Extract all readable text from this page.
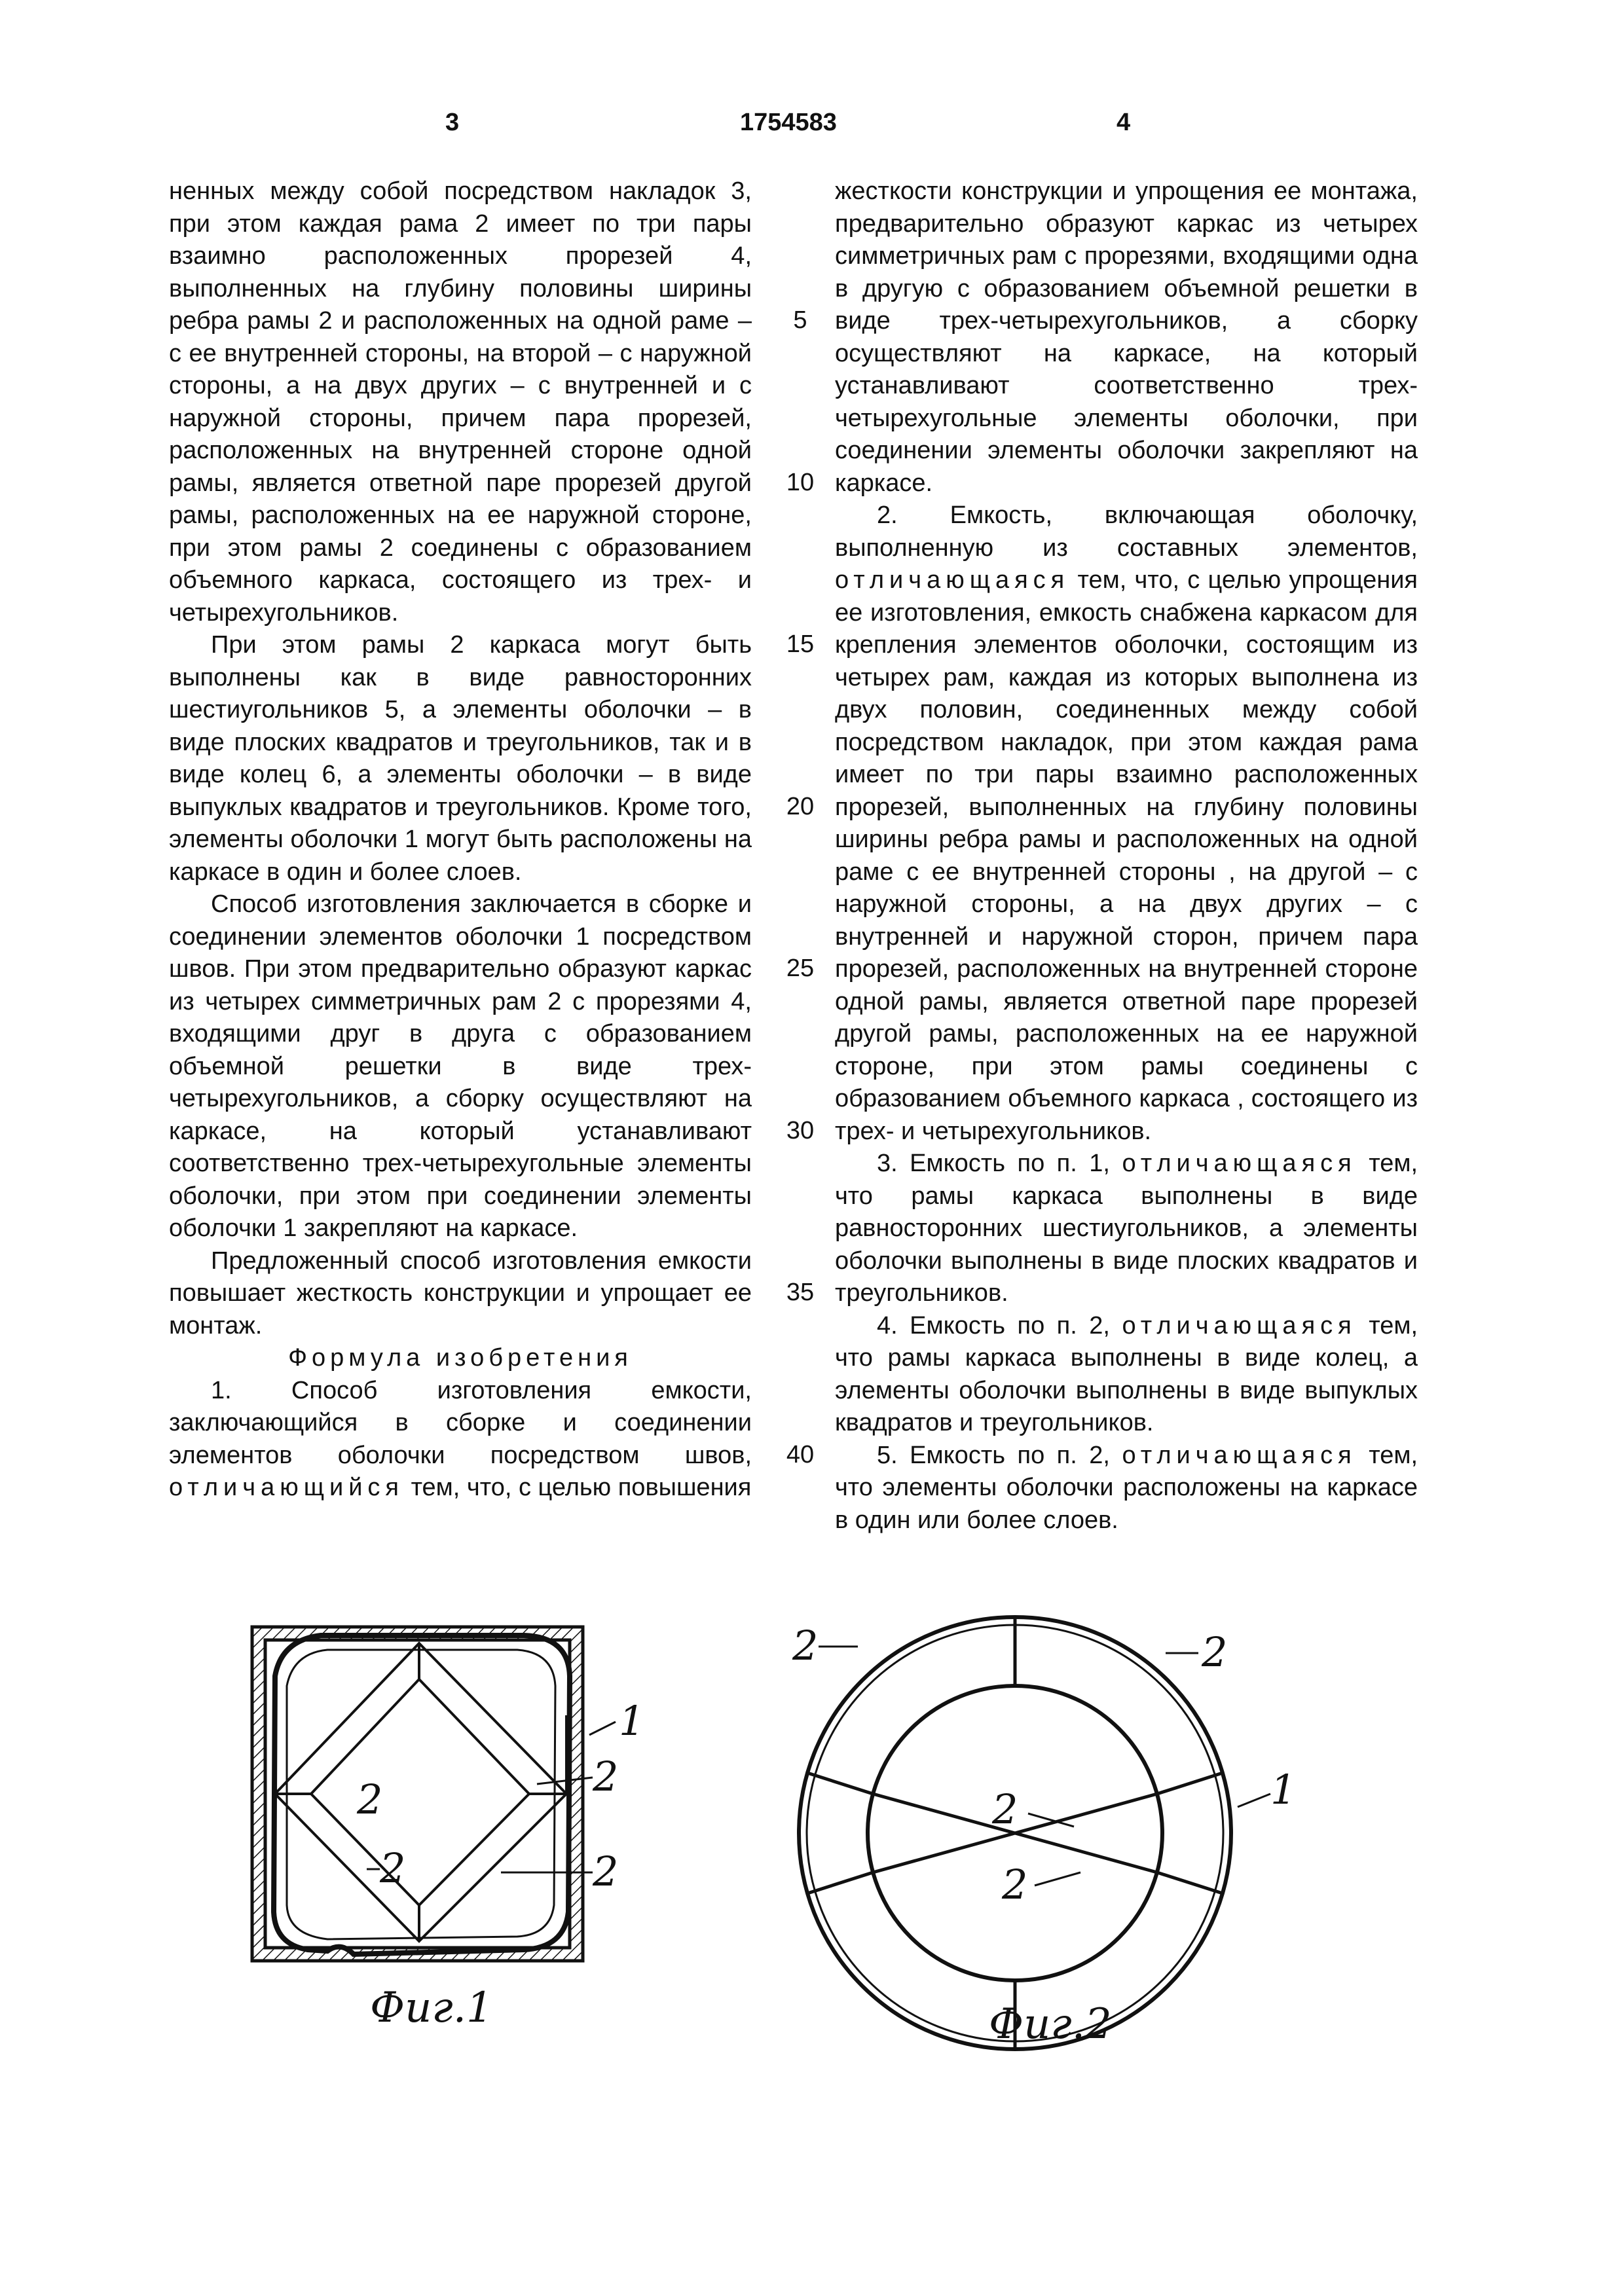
3	1754583	4

ненных между собой посредством накладок 3, при этом каждая рама 2 имеет по три пары взаимно расположенных прорезей 4, выполненных на глубину половины ширины ребра рамы 2 и расположенных на одной раме – с ее внутренней стороны, на второй – с наружной стороны, а на двух других – с внутренней и с наружной стороны, причем пара прорезей, расположенных на внутренней стороне одной рамы, является ответной паре прорезей другой рамы, расположенных на ее наружной стороне, при этом рамы 2 соединены с образованием объемного каркаса, состоящего из трех- и четырехугольников.

При этом рамы 2 каркаса могут быть выполнены как в виде равносторонних шестиугольников 5, а элементы оболочки – в виде плоских квадратов и треугольников, так и в виде колец 6, а элементы оболочки – в виде выпуклых квадратов и треугольников. Кроме того, элементы оболочки 1 могут быть расположены на каркасе в один и более слоев.

Способ изготовления заключается в сборке и соединении элементов оболочки 1 посредством швов. При этом предварительно образуют каркас из четырех симметричных рам 2 с прорезями 4, входящими друг в друга с образованием объемной решетки в виде трех-четырехугольников, а сборку осуществляют на каркасе, на который устанавливают соответственно трех-четырехугольные элементы оболочки, при этом при соединении элементы оболочки 1 закрепляют на каркасе.

Предложенный способ изготовления емкости повышает жесткость конструкции и упрощает ее монтаж.

Формула изобретения

1. Способ изготовления емкости, заключающийся в сборке и соединении элементов оболочки посредством швов, отличающийся тем, что, с целью повышения

жесткости конструкции и упрощения ее монтажа, предварительно образуют каркас из четырех симметричных рам с прорезями, входящими одна в другую с образованием объемной решетки в виде трех-четырехугольников, а сборку осуществляют на каркасе, на который устанавливают соответственно трех-четырехугольные элементы оболочки, при соединении элементы оболочки закрепляют на каркасе.

2. Емкость, включающая оболочку, выполненную из составных элементов, отличающаяся тем, что, с целью упрощения ее изготовления, емкость снабжена каркасом для крепления элементов оболочки, состоящим из четырех рам, каждая из которых выполнена из двух половин, соединенных между собой посредством накладок, при этом каждая рама имеет по три пары взаимно расположенных прорезей, выполненных на глубину половины ширины ребра рамы и расположенных на одной раме с ее внутренней стороны , на другой – с наружной стороны, а на двух других – с внутренней и наружной сторон, причем пара прорезей, расположенных на внутренней стороне одной рамы, является ответной паре прорезей другой рамы, расположенных на ее наружной стороне, при этом рамы соединены с образованием объемного каркаса , состоящего из трех- и четырехугольников.

3. Емкость по п. 1, отличающаяся тем, что рамы каркаса выполнены в виде равносторонних шестиугольников, а элементы оболочки выполнены в виде плоских квадратов и треугольников.

4. Емкость по п. 2, отличающаяся тем, что рамы каркаса выполнены в виде колец, а элементы оболочки выполнены в виде выпуклых квадратов и треугольников.

5. Емкость по п. 2, отличающаяся тем, что элементы оболочки расположены на каркасе в один или более слоев.

5
10
15
20
25
30
35
40
1
2	2
2	2
Фиг.1
2	2
2
2
1
Фиг.2
